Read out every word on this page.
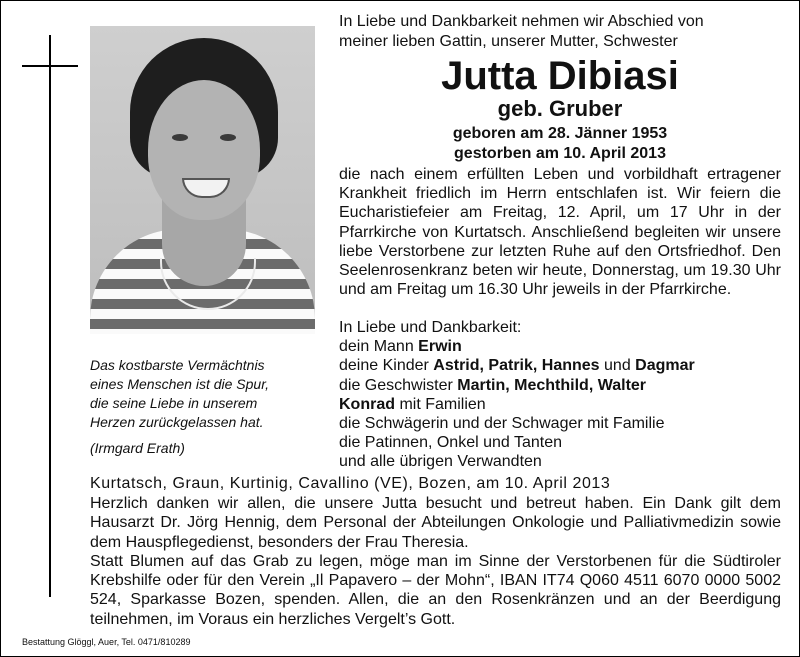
Das kostbarste Vermächtnis

eines Menschen ist die Spur,

die seine Liebe in unserem

Herzen zurückgelassen hat.

(Irmgard Erath)

In Liebe und Dankbarkeit nehmen wir Abschied von
meiner lieben Gattin, unserer Mutter, Schwester
Jutta Dibiasi
geb. Gruber

geboren am 28. Jänner 1953

gestorben am 10. April 2013

die nach einem erfüllten Leben und vorbildhaft ertragener Krankheit friedlich im Herrn entschlafen ist. Wir feiern die Eucharistiefeier am Freitag, 12. April, um 17 Uhr in der Pfarrkirche von Kurtatsch. Anschließend begleiten wir unsere liebe Verstorbene zur letzten Ruhe auf den Ortsfriedhof. Den Seelenrosenkranz beten wir heute, Donnerstag, um 19.30 Uhr und am Freitag um 16.30 Uhr jeweils in der Pfarrkirche.

In Liebe und Dankbarkeit:

dein Mann Erwin

deine Kinder Astrid, Patrik, Hannes und Dagmar

die Geschwister Martin, Mechthild, Walter

Konrad mit Familien

die Schwägerin und der Schwager mit Familie

die Patinnen, Onkel und Tanten

und alle übrigen Verwandten

Kurtatsch, Graun, Kurtinig, Cavallino (VE), Bozen, am 10. April 2013

Herzlich danken wir allen, die unsere Jutta besucht und betreut haben. Ein Dank gilt dem Hausarzt Dr. Jörg Hennig, dem Personal der Abteilungen Onkologie und Palliativmedizin sowie dem Hauspflegedienst, besonders der Frau Theresia.

Statt Blumen auf das Grab zu legen, möge man im Sinne der Verstorbenen für die Südtiroler Krebshilfe oder für den Verein „Il Papavero – der Mohn“, IBAN IT74 Q060 4511 6070 0000 5002 524, Sparkasse Bozen, spenden. Allen, die an den Rosenkränzen und an der Beerdigung teilnehmen, im Voraus ein herzliches Vergelt’s Gott.

Bestattung Glöggl, Auer, Tel. 0471/810289
